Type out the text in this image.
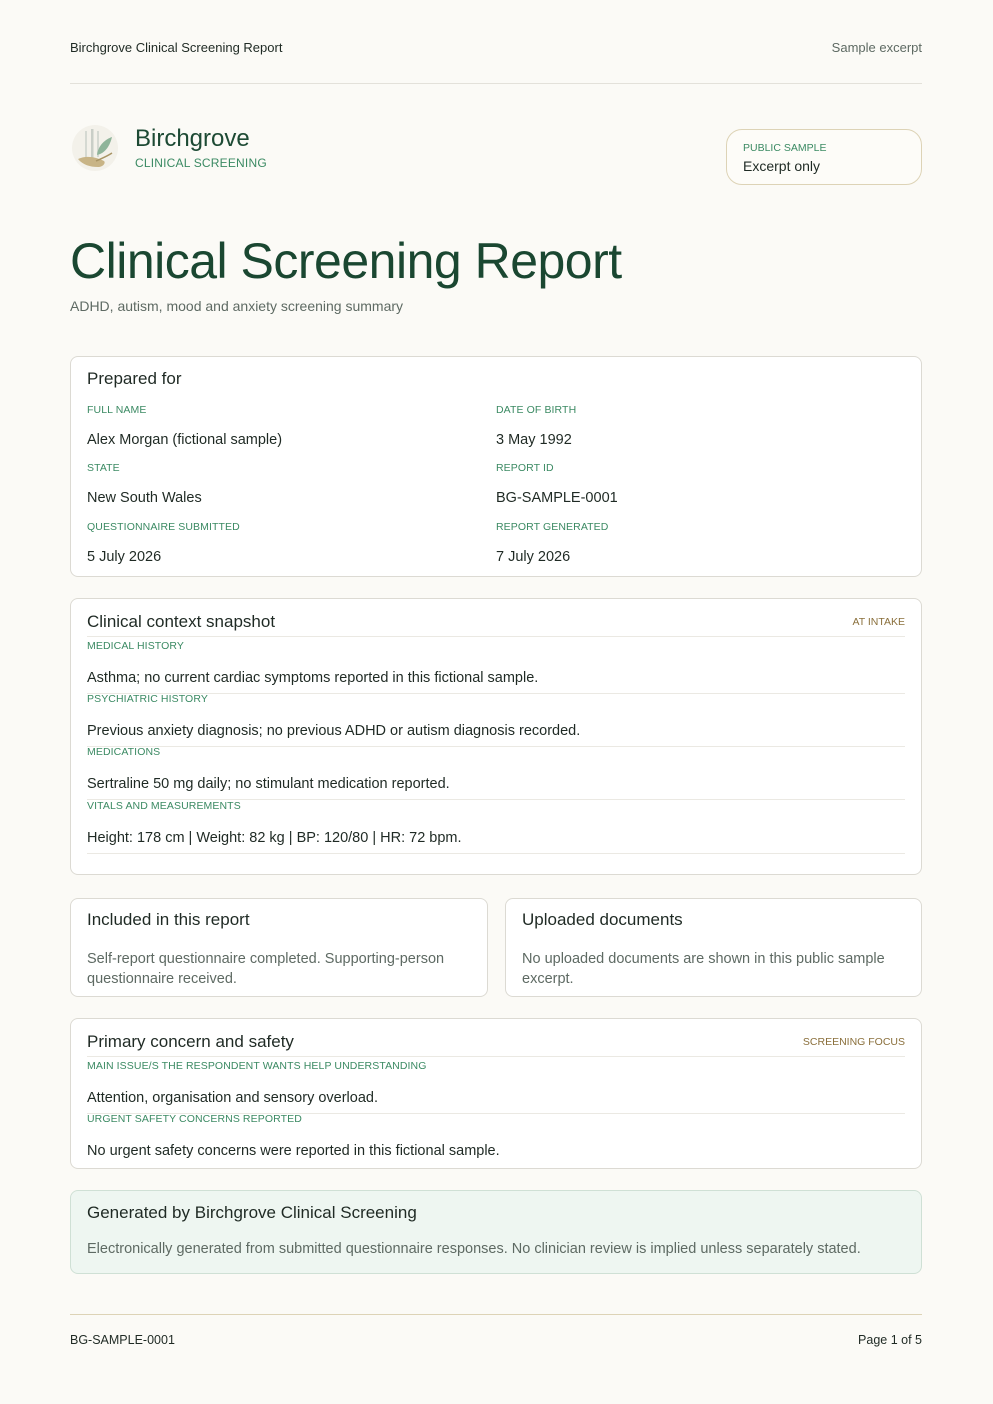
Birchgrove Clinical Screening Report	Sample excerpt
Birchgrove
CLINICAL SCREENING
PUBLIC SAMPLE
Excerpt only
Clinical Screening Report
ADHD, autism, mood and anxiety screening summary
Prepared for
FULL NAME
Alex Morgan (fictional sample)
DATE OF BIRTH
3 May 1992
STATE
New South Wales
REPORT ID
BG-SAMPLE-0001
QUESTIONNAIRE SUBMITTED
5 July 2026
REPORT GENERATED
7 July 2026
Clinical context snapshot	AT INTAKE
MEDICAL HISTORY
Asthma; no current cardiac symptoms reported in this fictional sample.
PSYCHIATRIC HISTORY
Previous anxiety diagnosis; no previous ADHD or autism diagnosis recorded.
MEDICATIONS
Sertraline 50 mg daily; no stimulant medication reported.
VITALS AND MEASUREMENTS
Height: 178 cm | Weight: 82 kg | BP: 120/80 | HR: 72 bpm.
Included in this report
Self-report questionnaire completed. Supporting-person questionnaire received.
Uploaded documents
No uploaded documents are shown in this public sample excerpt.
Primary concern and safety	SCREENING FOCUS
MAIN ISSUE/S THE RESPONDENT WANTS HELP UNDERSTANDING
Attention, organisation and sensory overload.
URGENT SAFETY CONCERNS REPORTED
No urgent safety concerns were reported in this fictional sample.
Generated by Birchgrove Clinical Screening
Electronically generated from submitted questionnaire responses. No clinician review is implied unless separately stated.
BG-SAMPLE-0001	Page 1 of 5
